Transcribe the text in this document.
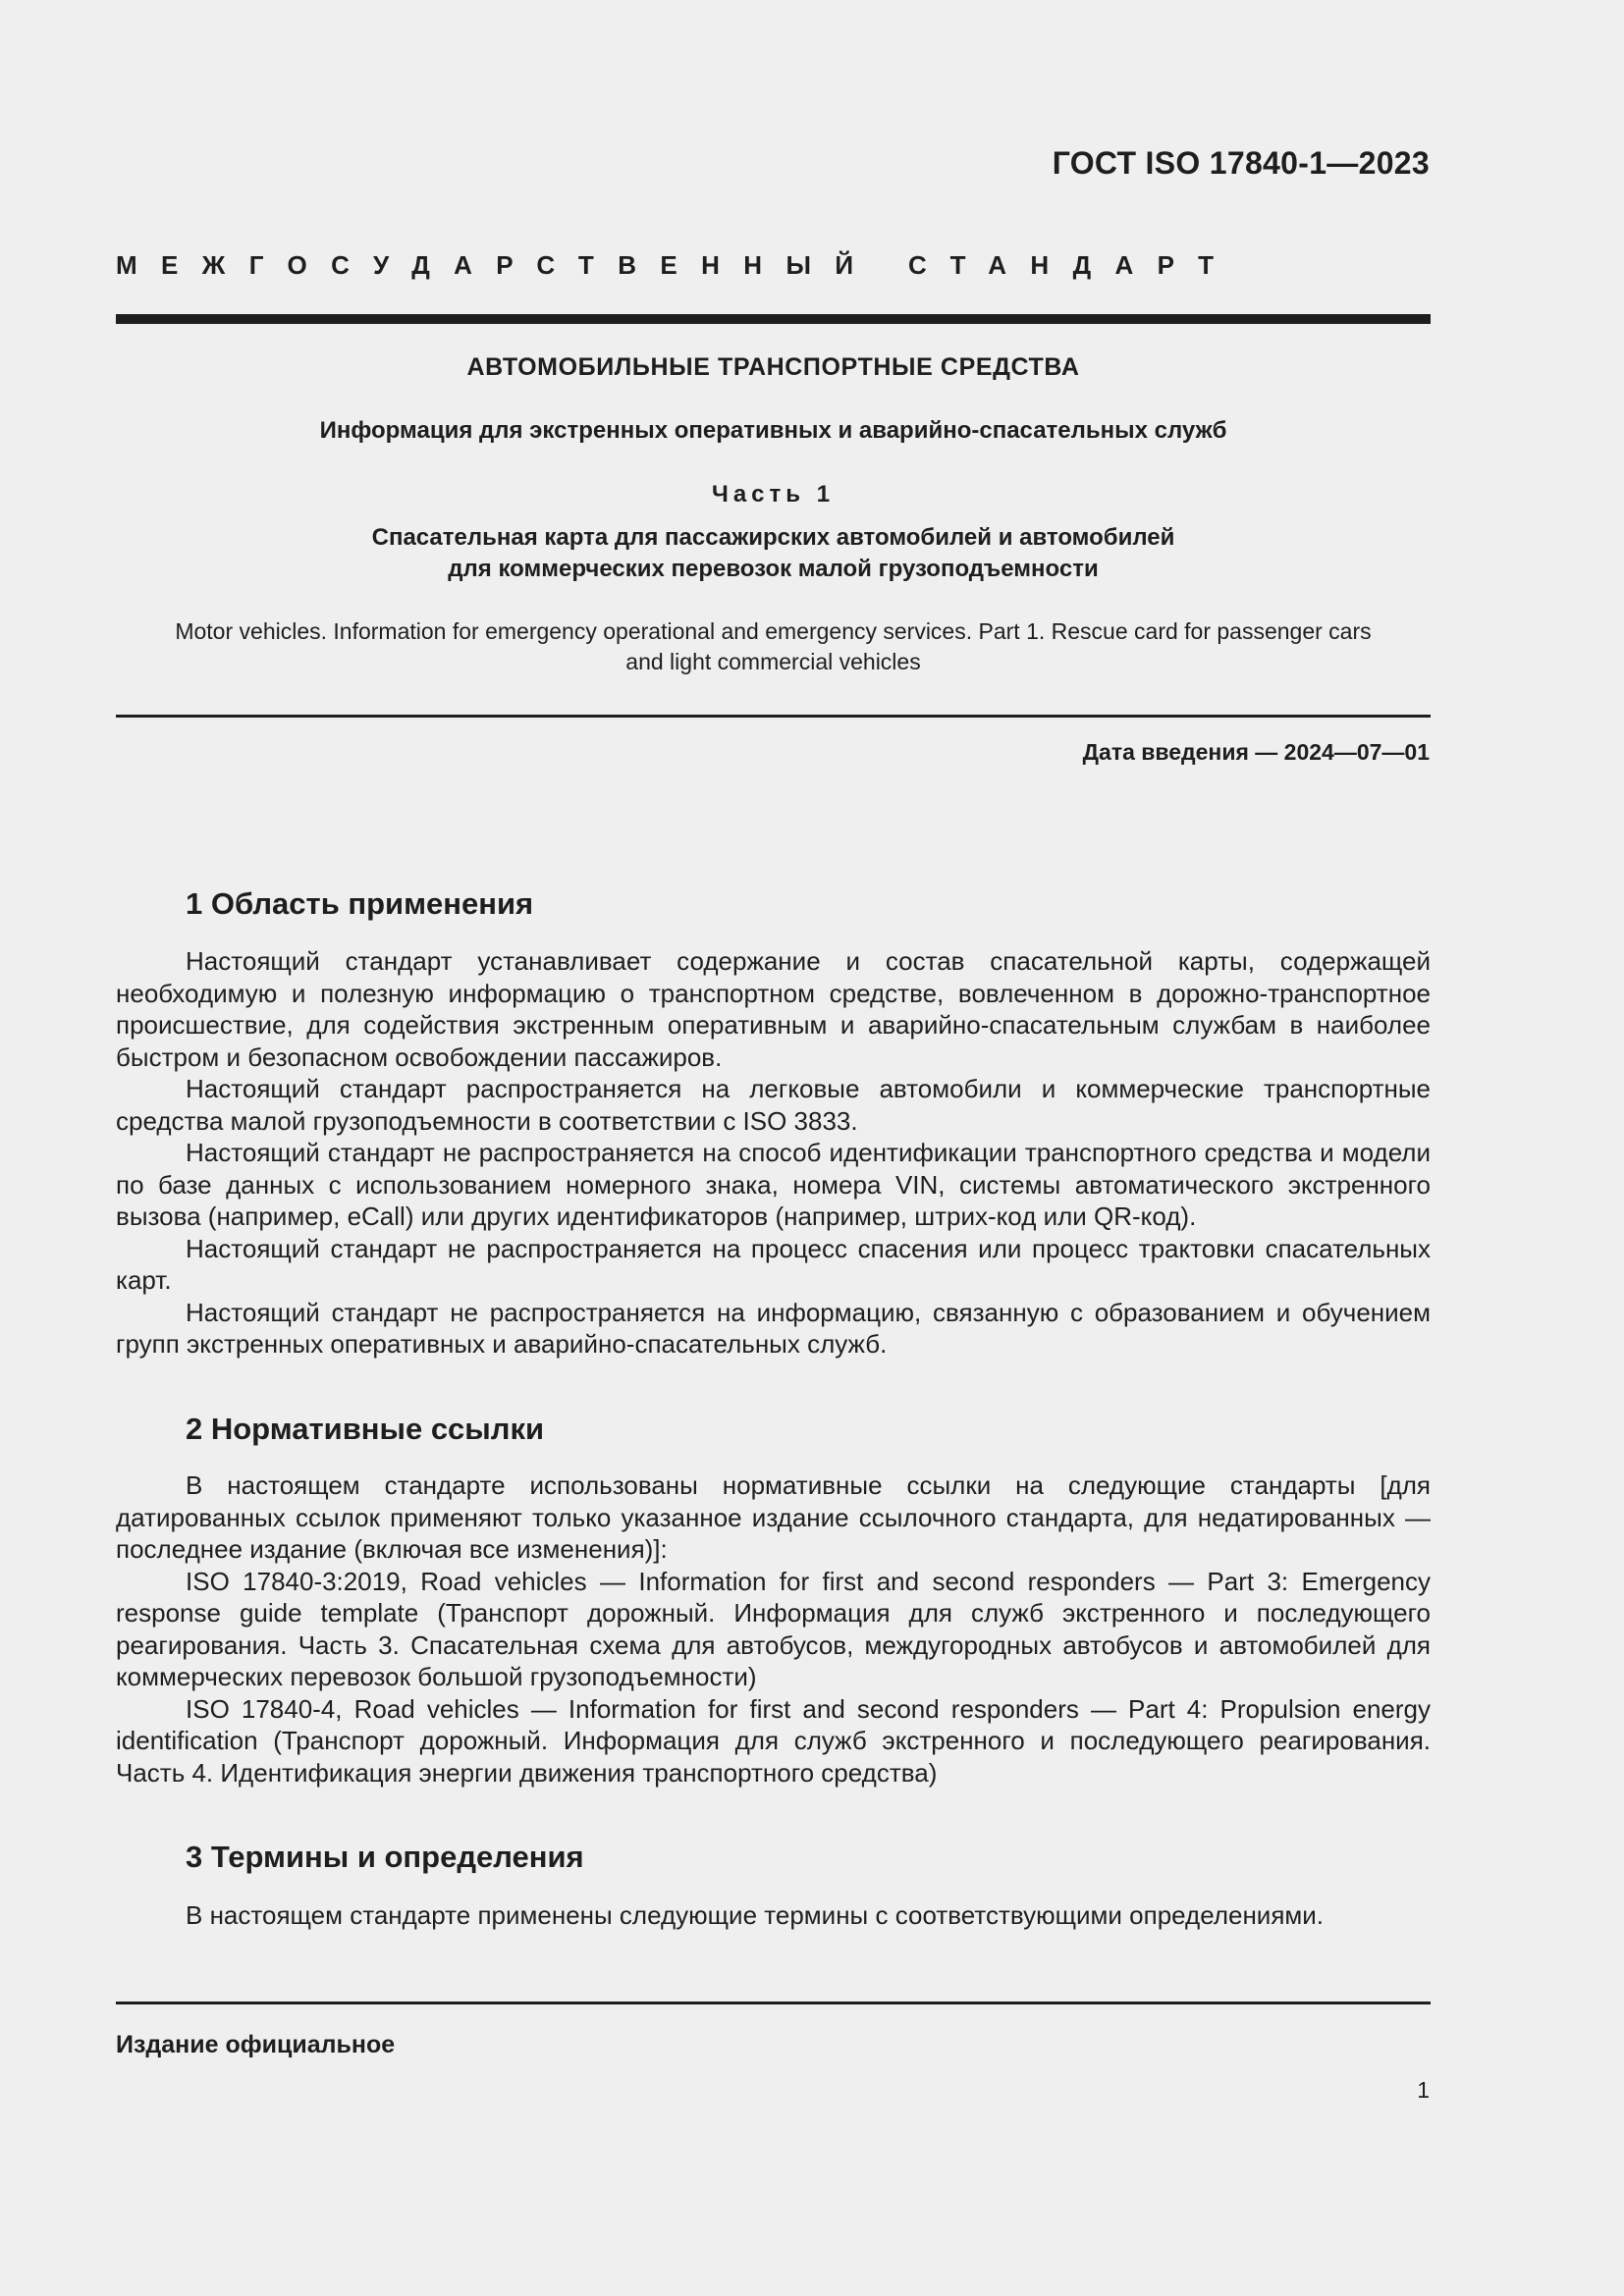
ГОСТ ISO 17840-1—2023
МЕЖГОСУДАРСТВЕННЫЙ СТАНДАРТ
АВТОМОБИЛЬНЫЕ ТРАНСПОРТНЫЕ СРЕДСТВА
Информация для экстренных оперативных и аварийно-спасательных служб
Часть 1
Спасательная карта для пассажирских автомобилей и автомобилей
для коммерческих перевозок малой грузоподъемности
Motor vehicles. Information for emergency operational and emergency services. Part 1. Rescue card for passenger cars
and light commercial vehicles
Дата введения — 2024—07—01
1 Область применения

Настоящий стандарт устанавливает содержание и состав спасательной карты, содержащей необходимую и полезную информацию о транспортном средстве, вовлеченном в дорожно-транспортное происшествие, для содействия экстренным оперативным и аварийно-спасательным службам в наиболее быстром и безопасном освобождении пассажиров.

Настоящий стандарт распространяется на легковые автомобили и коммерческие транспортные средства малой грузоподъемности в соответствии с ISO 3833.

Настоящий стандарт не распространяется на способ идентификации транспортного средства и модели по базе данных с использованием номерного знака, номера VIN, системы автоматического экстренного вызова (например, eCall) или других идентификаторов (например, штрих-код или QR-код).

Настоящий стандарт не распространяется на процесс спасения или процесс трактовки спасательных карт.

Настоящий стандарт не распространяется на информацию, связанную с образованием и обучением групп экстренных оперативных и аварийно-спасательных служб.

2 Нормативные ссылки

В настоящем стандарте использованы нормативные ссылки на следующие стандарты [для датированных ссылок применяют только указанное издание ссылочного стандарта, для недатированных — последнее издание (включая все изменения)]:

ISO 17840-3:2019, Road vehicles — Information for first and second responders — Part 3: Emergency response guide template (Транспорт дорожный. Информация для служб экстренного и последующего реагирования. Часть 3. Спасательная схема для автобусов, междугородных автобусов и автомобилей для коммерческих перевозок большой грузоподъемности)

ISO 17840-4, Road vehicles — Information for first and second responders — Part 4: Propulsion energy identification (Транспорт дорожный. Информация для служб экстренного и последующего реагирования. Часть 4. Идентификация энергии движения транспортного средства)

3 Термины и определения

В настоящем стандарте применены следующие термины с соответствующими определениями.

Издание официальное
1
